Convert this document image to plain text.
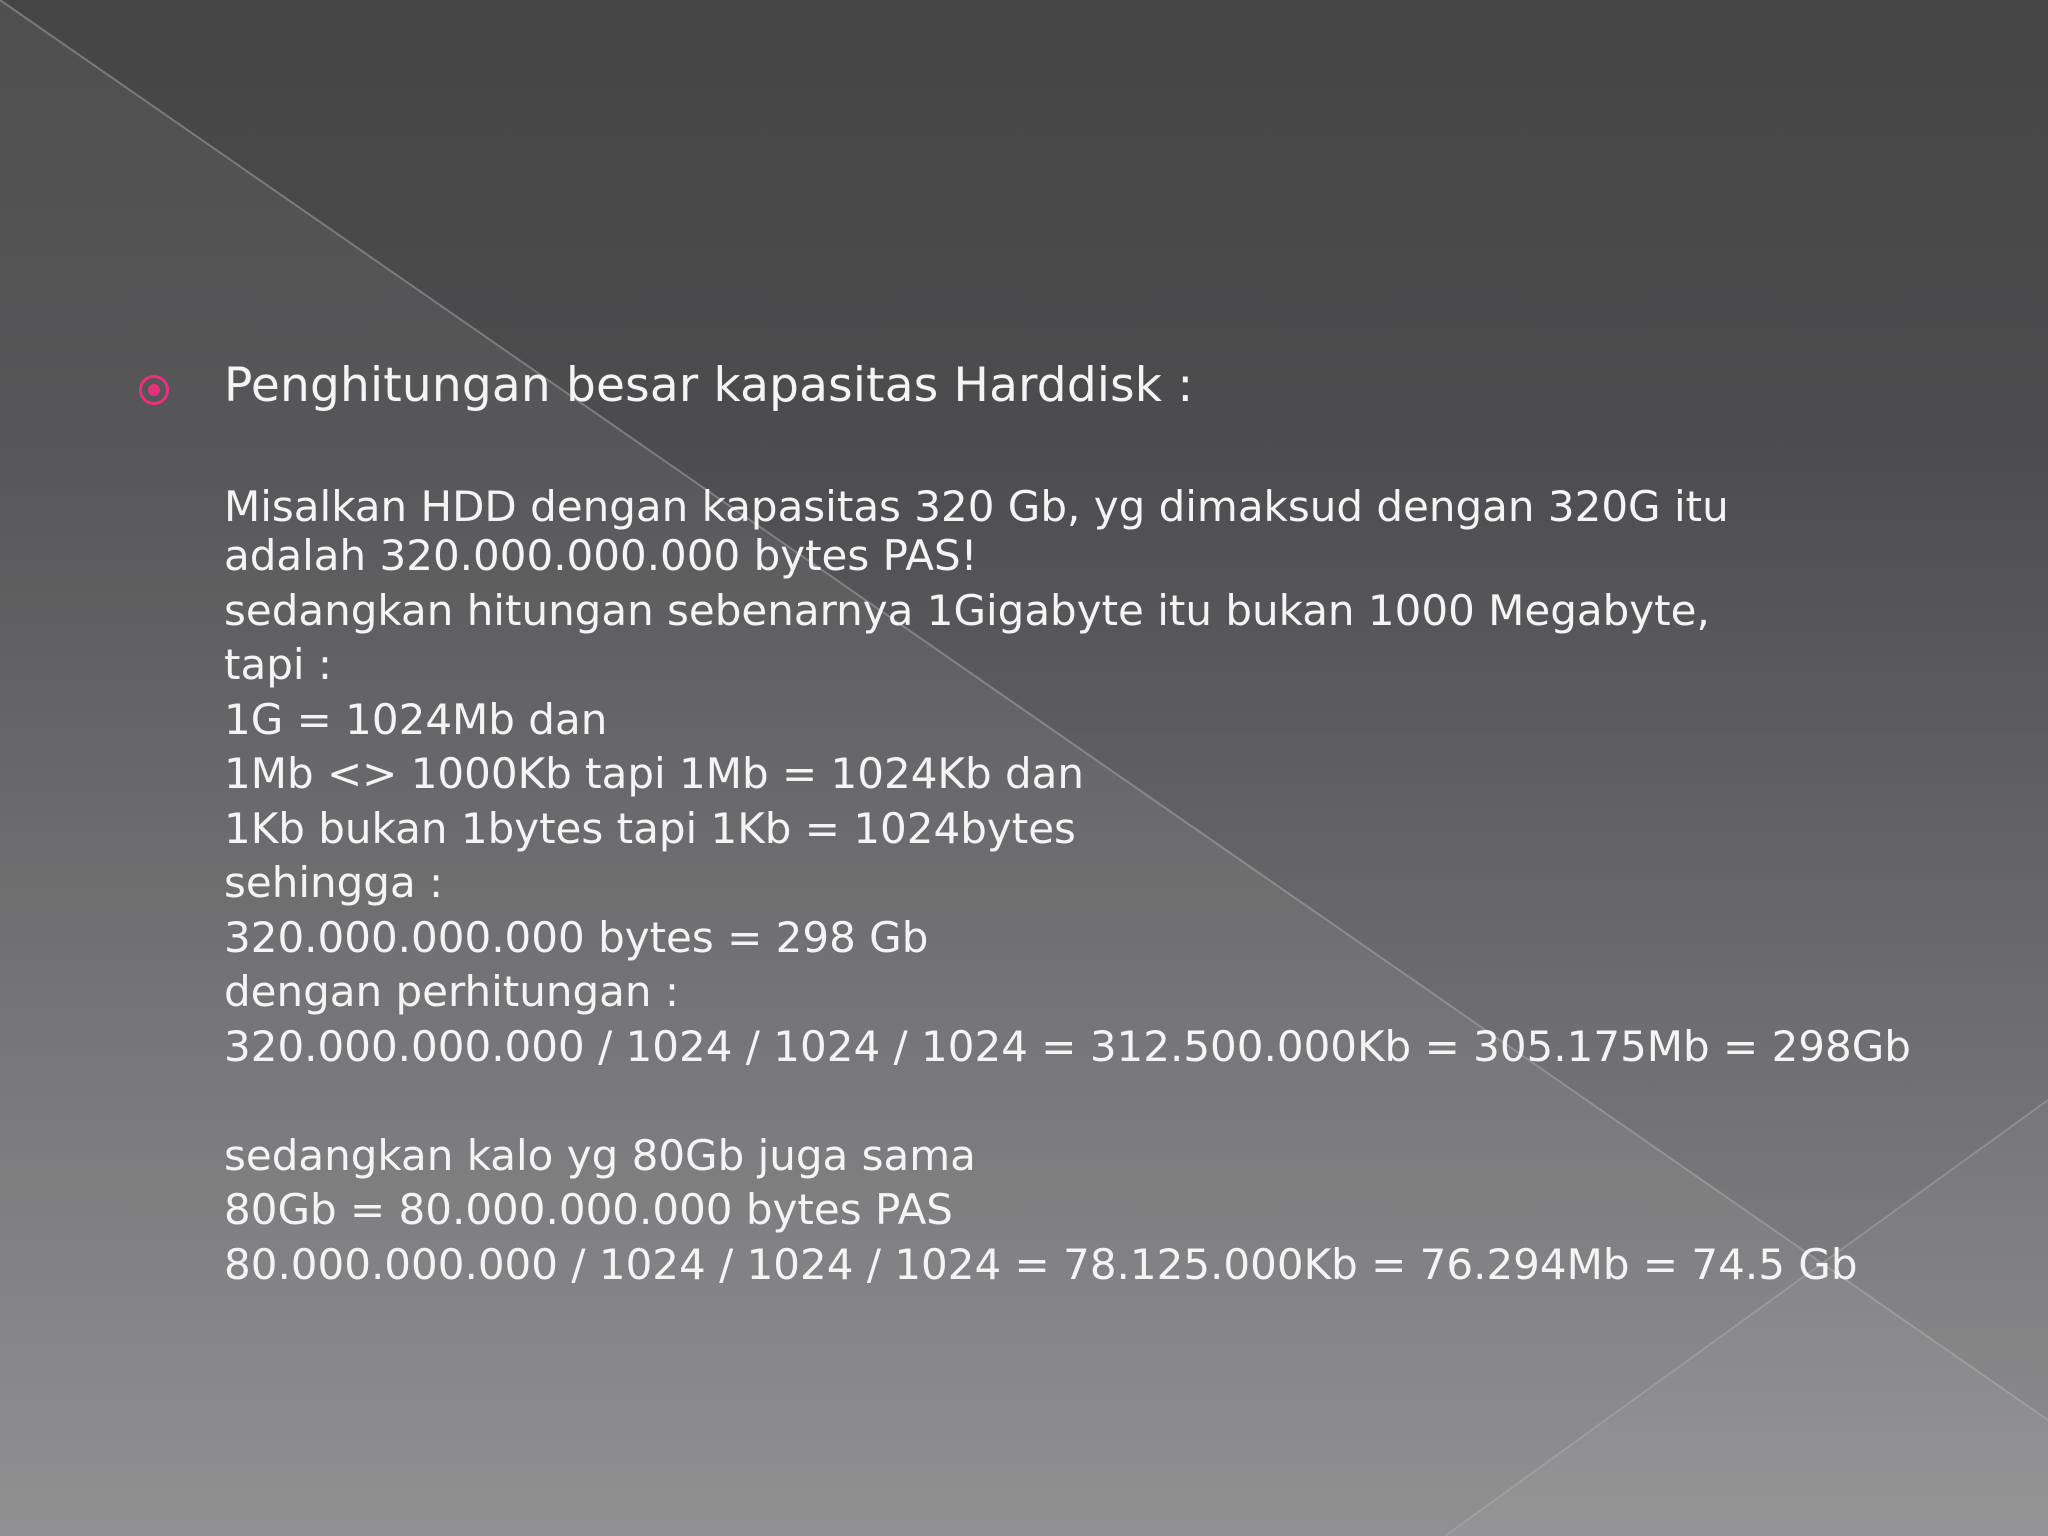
Penghitungan besar kapasitas Harddisk :
Misalkan HDD dengan kapasitas 320 Gb, yg dimaksud dengan 320G itu
adalah 320.000.000.000 bytes PAS!
sedangkan hitungan sebenarnya 1Gigabyte itu bukan 1000 Megabyte,
tapi :
1G = 1024Mb dan
1Mb <> 1000Kb tapi 1Mb = 1024Kb dan
1Kb bukan 1bytes tapi 1Kb = 1024bytes
sehingga :
320.000.000.000 bytes = 298 Gb
dengan perhitungan :
320.000.000.000 / 1024 / 1024 / 1024 = 312.500.000Kb = 305.175Mb = 298Gb
sedangkan kalo yg 80Gb juga sama
80Gb = 80.000.000.000 bytes PAS
80.000.000.000 / 1024 / 1024 / 1024 = 78.125.000Kb = 76.294Mb = 74.5 Gb
